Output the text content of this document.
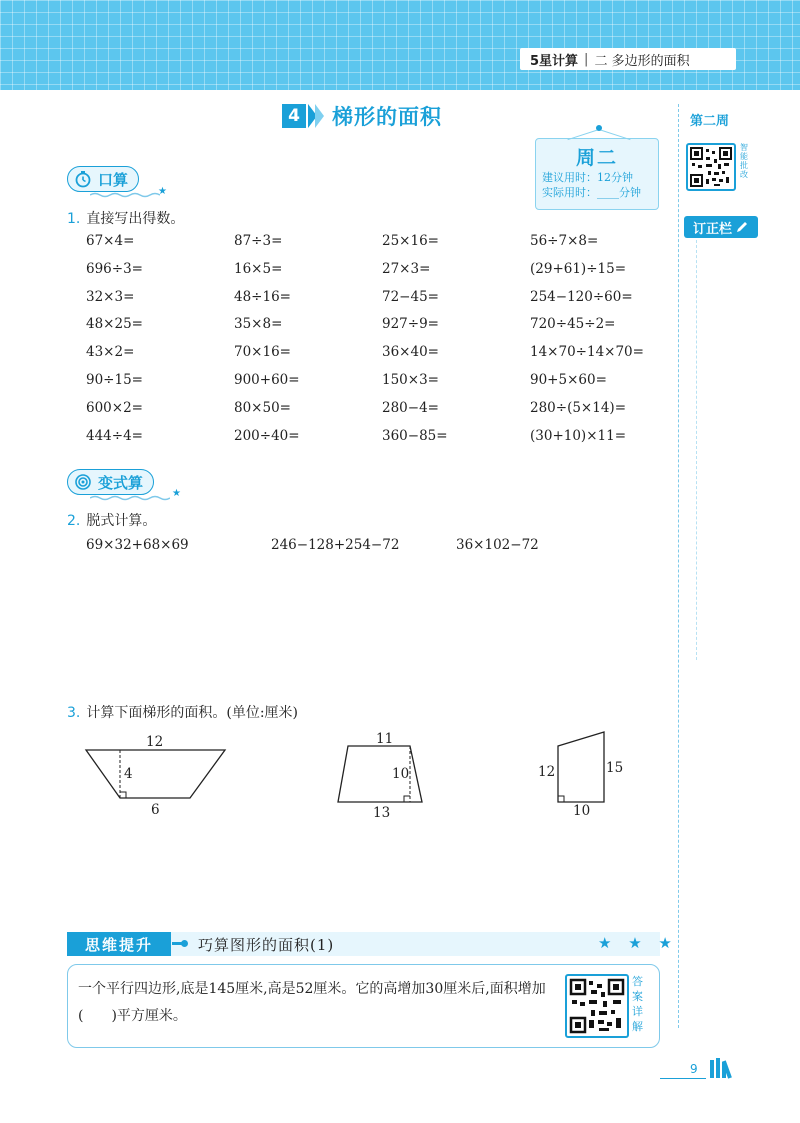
5星计算 | 二 多边形的面积
4 梯形的面积
周二
建议用时：12分钟
实际用时：____分钟
第二周
智能批改
订正栏
口算
★
1. 直接写出得数。
67×4=	87÷3=	25×16=	56÷7×8=
696÷3=	16×5=	27×3=	(29+61)÷15=
32×3=	48÷16=	72−45=	254−120÷60=
48×25=	35×8=	927÷9=	720÷45÷2=
43×2=	70×16=	36×40=	14×70÷14×70=
90÷15=	900+60=	150×3=	90+5×60=
600×2=	80×50=	280−4=	280÷(5×14)=
444÷4=	200÷40=	360−85=	(30+10)×11=
变式算
★
2. 脱式计算。
69×32+68×69	246−128+254−72	36×102−72
3. 计算下面梯形的面积。(单位:厘米)
12
4
6
11
10
13
12	15
10
思维提升	巧算图形的面积(1)	★ ★ ★
一个平行四边形,底是145厘米,高是52厘米。它的高增加30厘米后,面积增加(　　)平方厘米。
答案详解
9
